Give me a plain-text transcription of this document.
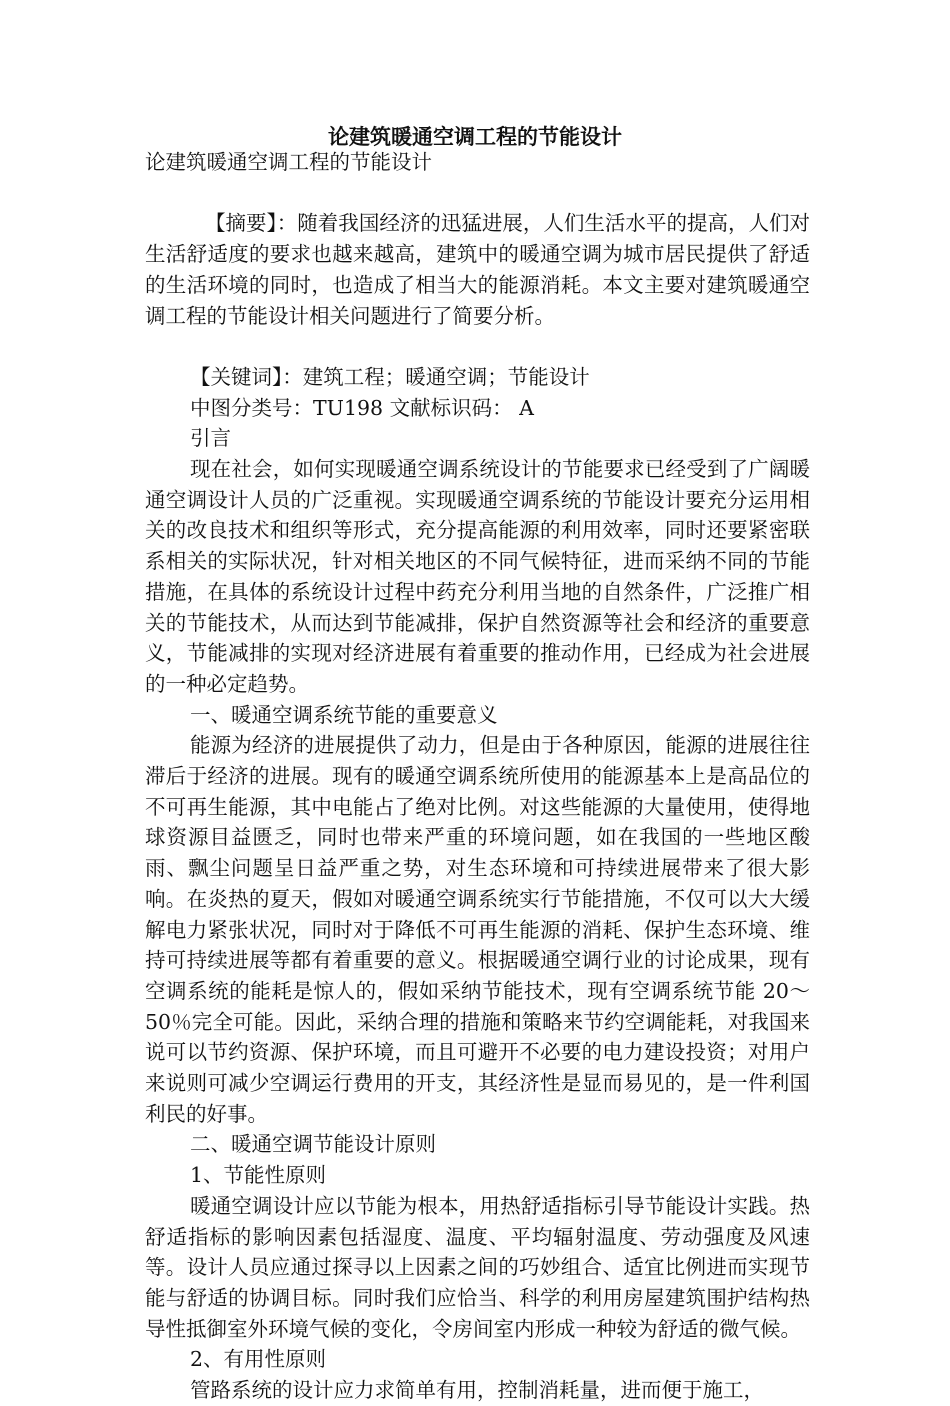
论建筑暖通空调工程的节能设计

论建筑暖通空调工程的节能设计

【摘要】：随着我国经济的迅猛进展，人们生活水平的提高，人们对生活舒适度的要求也越来越高，建筑中的暖通空调为城市居民提供了舒适的生活环境的同时，也造成了相当大的能源消耗。本文主要对建筑暖通空调工程的节能设计相关问题进行了简要分析。

【关键词】：建筑工程；暖通空调；节能设计

中图分类号：TU198 文献标识码： A

引言

现在社会，如何实现暖通空调系统设计的节能要求已经受到了广阔暖通空调设计人员的广泛重视。实现暖通空调系统的节能设计要充分运用相关的改良技术和组织等形式，充分提高能源的利用效率，同时还要紧密联系相关的实际状况，针对相关地区的不同气候特征，进而采纳不同的节能措施，在具体的系统设计过程中药充分利用当地的自然条件，广泛推广相关的节能技术，从而达到节能减排，保护自然资源等社会和经济的重要意义，节能减排的实现对经济进展有着重要的推动作用，已经成为社会进展的一种必定趋势。

一、暖通空调系统节能的重要意义

能源为经济的进展提供了动力，但是由于各种原因，能源的进展往往滞后于经济的进展。现有的暖通空调系统所使用的能源基本上是高品位的不可再生能源，其中电能占了绝对比例。对这些能源的大量使用，使得地球资源目益匮乏，同时也带来严重的环境问题，如在我国的一些地区酸雨、飘尘问题呈日益严重之势，对生态环境和可持续进展带来了很大影响。在炎热的夏天，假如对暖通空调系统实行节能措施，不仅可以大大缓解电力紧张状况，同时对于降低不可再生能源的消耗、保护生态环境、维持可持续进展等都有着重要的意义。根据暖通空调行业的讨论成果，现有空调系统的能耗是惊人的，假如采纳节能技术，现有空调系统节能 20～50％完全可能。因此，采纳合理的措施和策略来节约空调能耗，对我国来说可以节约资源、保护环境，而且可避开不必要的电力建设投资；对用户来说则可减少空调运行费用的开支，其经济性是显而易见的，是一件利国利民的好事。

二、暖通空调节能设计原则

1、节能性原则

暖通空调设计应以节能为根本，用热舒适指标引导节能设计实践。热舒适指标的影响因素包括湿度、温度、平均辐射温度、劳动强度及风速等。设计人员应通过探寻以上因素之间的巧妙组合、适宜比例进而实现节能与舒适的协调目标。同时我们应恰当、科学的利用房屋建筑围护结构热导性抵御室外环境气候的变化，令房间室内形成一种较为舒适的微气候。

2、有用性原则

管路系统的设计应力求简单有用，控制消耗量，进而便于施工，
